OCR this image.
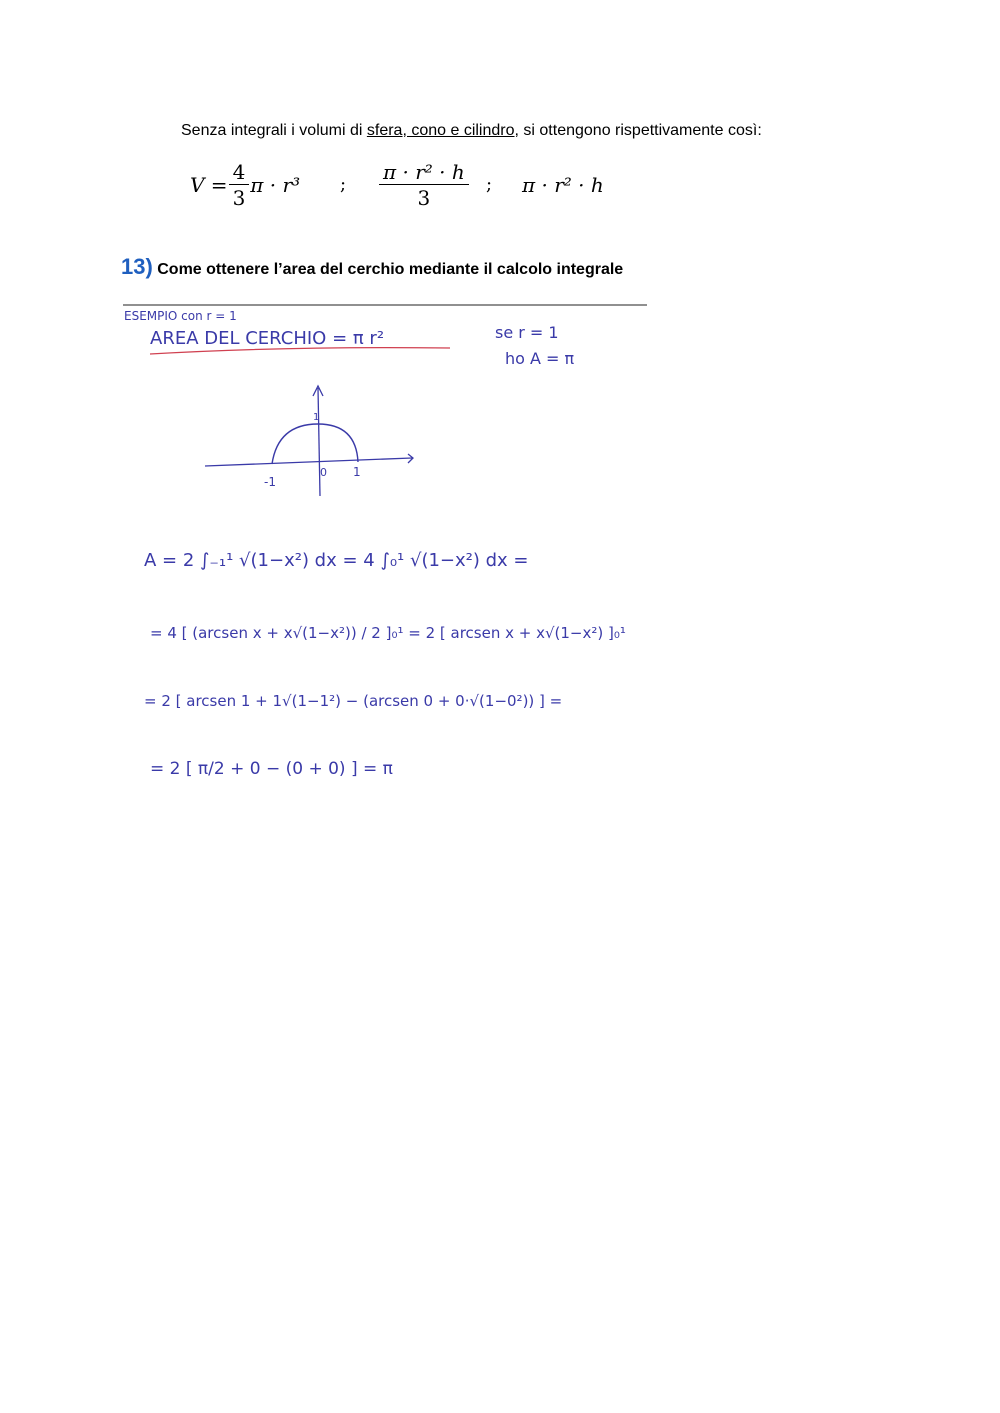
Senza integrali i volumi di sfera, cono e cilindro, si ottengono rispettivamente così:

$V = \frac{4}{3}$ π · r³ ; $\frac{\text{π · r² · h}}{3}$ ; π · r² · h
13) Come ottenere l’area del cerchio mediante il calcolo integrale
ESEMPIO con r = 1
AREA DEL CERCHIO = π r²	se r = 1
ho A = π
1
0
-1
1
A = 2 ∫₋₁¹ √(1−x²) dx = 4 ∫₀¹ √(1−x²) dx =
= 4 [ (arcsen x + x√(1−x²)) / 2 ]₀¹ = 2 [ arcsen x + x√(1−x²) ]₀¹
= 2 [ arcsen 1 + 1√(1−1²) − (arcsen 0 + 0·√(1−0²)) ] =
= 2 [ π/2 + 0 − (0 + 0) ] = π
